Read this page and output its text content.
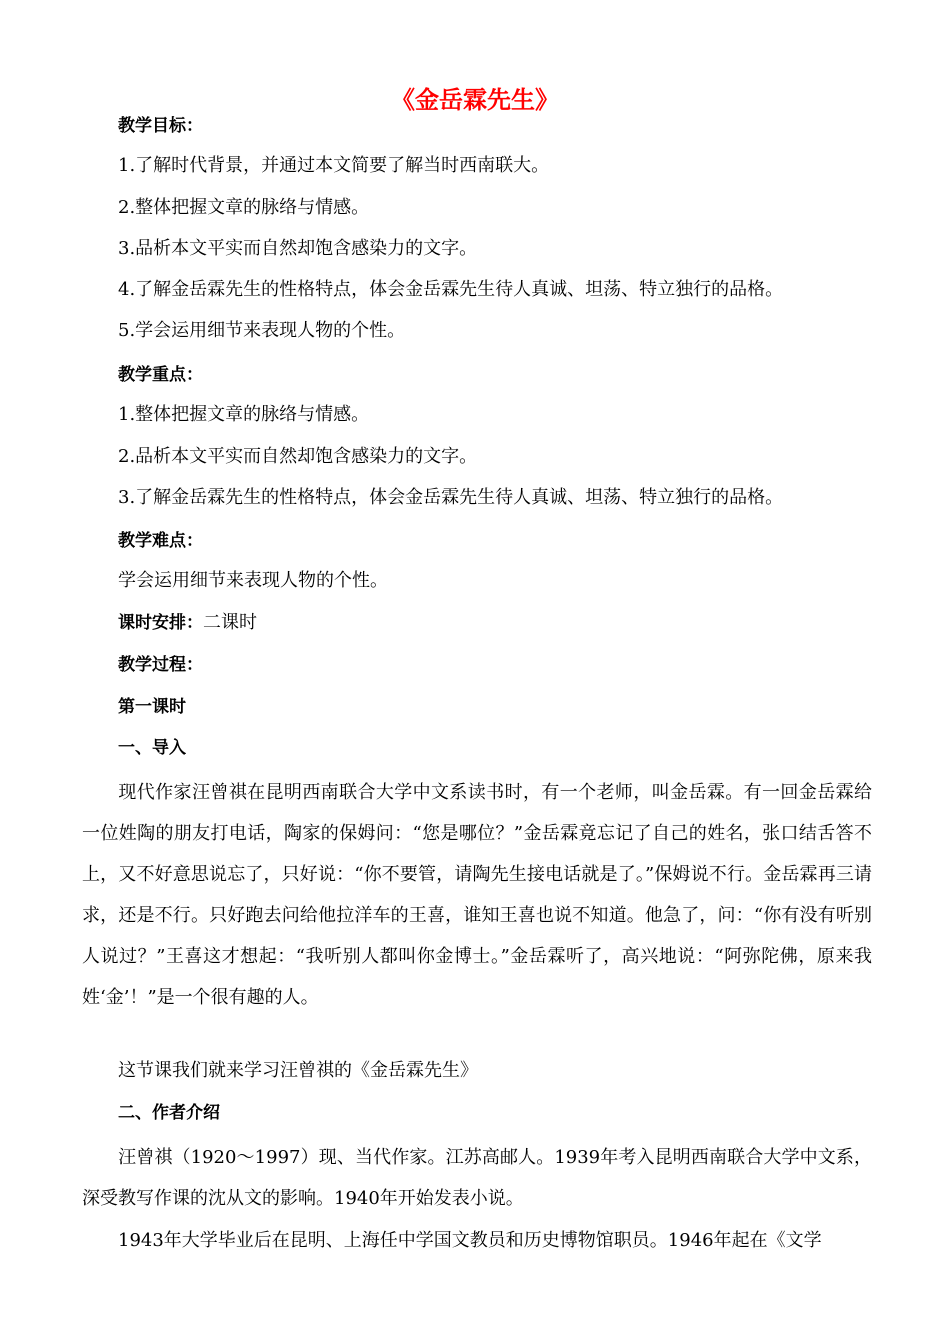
《金岳霖先生》
教学目标：
1.了解时代背景，并通过本文简要了解当时西南联大。
2.整体把握文章的脉络与情感。
3.品析本文平实而自然却饱含感染力的文字。
4.了解金岳霖先生的性格特点，体会金岳霖先生待人真诚、坦荡、特立独行的品格。
5.学会运用细节来表现人物的个性。
教学重点：
1.整体把握文章的脉络与情感。
2.品析本文平实而自然却饱含感染力的文字。
3.了解金岳霖先生的性格特点，体会金岳霖先生待人真诚、坦荡、特立独行的品格。
教学难点：
学会运用细节来表现人物的个性。
课时安排：二课时
教学过程：
第一课时
一、导入
现代作家汪曾祺在昆明西南联合大学中文系读书时，有一个老师，叫金岳霖。有一回金岳霖给一位姓陶的朋友打电话，陶家的保姆问：“您是哪位？”金岳霖竟忘记了自己的姓名，张口结舌答不上，又不好意思说忘了，只好说：“你不要管，请陶先生接电话就是了。”保姆说不行。金岳霖再三请求，还是不行。只好跑去问给他拉洋车的王喜，谁知王喜也说不知道。他急了，问：“你有没有听别人说过？”王喜这才想起：“我听别人都叫你金博士。”金岳霖听了，高兴地说：“阿弥陀佛，原来我姓‘金’！”是一个很有趣的人。
这节课我们就来学习汪曾祺的《金岳霖先生》
二、作者介绍
汪曾祺（1920～1997）现、当代作家。江苏高邮人。1939年考入昆明西南联合大学中文系，深受教写作课的沈从文的影响。1940年开始发表小说。
1943年大学毕业后在昆明、上海任中学国文教员和历史博物馆职员。1946年起在《文学
